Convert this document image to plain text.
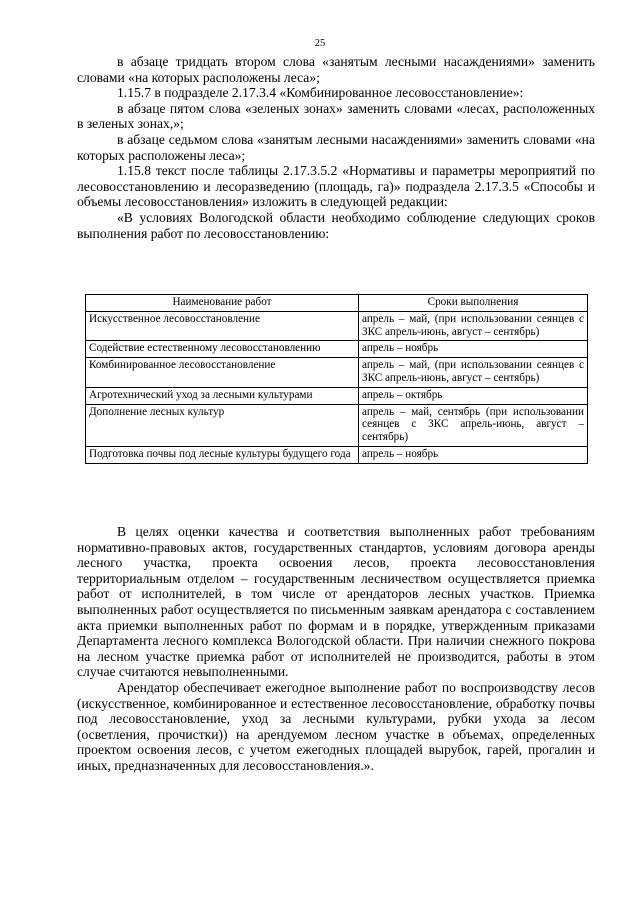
25

в абзаце тридцать втором слова «занятым лесными насаждениями» заменить словами «на которых расположены леса»;

1.15.7 в подразделе 2.17.3.4 «Комбинированное лесовосстановление»:

в абзаце пятом слова «зеленых зонах» заменить словами «лесах, расположенных в зеленых зонах,»;

в абзаце седьмом слова «занятым лесными насаждениями» заменить словами «на которых расположены леса»;

1.15.8 текст после таблицы 2.17.3.5.2 «Нормативы и параметры мероприятий по лесовосстановлению и лесоразведению (площадь, га)» подраздела 2.17.3.5 «Способы и объемы лесовосстановления» изложить в следующей редакции:

«В условиях Вологодской области необходимо соблюдение следующих сроков выполнения работ по лесовосстановлению:

Наименование работ	Сроки выполнения
Искусственное лесовосстановление	апрель – май, (при использовании сеянцев с ЗКС апрель-июнь, август – сентябрь)
Содействие естественному лесовосстановлению	апрель – ноябрь
Комбинированное лесовосстановление	апрель – май, (при использовании сеянцев с ЗКС апрель-июнь, август – сентябрь)
Агротехнический уход за лесными культурами	апрель – октябрь
Дополнение лесных культур	апрель – май, сентябрь (при использовании сеянцев с ЗКС апрель-июнь, август – сентябрь)
Подготовка почвы под лесные культуры будущего года	апрель – ноябрь

В целях оценки качества и соответствия выполненных работ требованиям нормативно-правовых актов, государственных стандартов, условиям договора аренды лесного участка, проекта освоения лесов, проекта лесовосстановления территориальным отделом – государственным лесничеством осуществляется приемка работ от исполнителей, в том числе от арендаторов лесных участков. Приемка выполненных работ осуществляется по письменным заявкам арендатора с составлением акта приемки выполненных работ по формам и в порядке, утвержденным приказами Департамента лесного комплекса Вологодской области. При наличии снежного покрова на лесном участке приемка работ от исполнителей не производится, работы в этом случае считаются невыполненными.

Арендатор обеспечивает ежегодное выполнение работ по воспроизводству лесов (искусственное, комбинированное и естественное лесовосстановление, обработку почвы под лесовосстановление, уход за лесными культурами, рубки ухода за лесом (осветления, прочистки)) на арендуемом лесном участке в объемах, определенных проектом освоения лесов, с учетом ежегодных площадей вырубок, гарей, прогалин и иных, предназначенных для лесовосстановления.».
